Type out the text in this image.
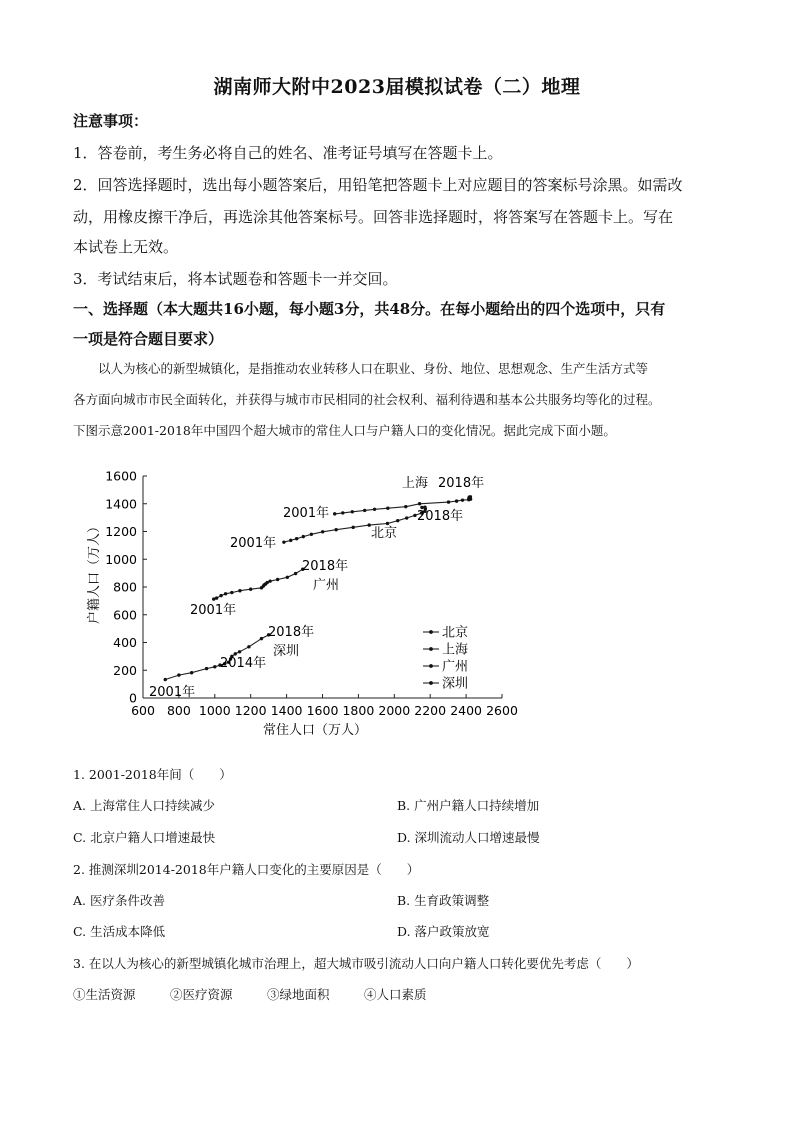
湖南师大附中2023届模拟试卷（二）地理
注意事项：
1．答卷前，考生务必将自己的姓名、准考证号填写在答题卡上。
2．回答选择题时，选出每小题答案后，用铅笔把答题卡上对应题目的答案标号涂黑。如需改
动，用橡皮擦干净后，再选涂其他答案标号。回答非选择题时，将答案写在答题卡上。写在
本试卷上无效。
3．考试结束后，将本试题卷和答题卡一并交回。
一、选择题（本大题共16小题，每小题3分，共48分。在每小题给出的四个选项中，只有
一项是符合题目要求）
以人为核心的新型城镇化，是指推动农业转移人口在职业、身份、地位、思想观念、生产生活方式等
各方面向城市市民全面转化，并获得与城市市民相同的社会权利、福利待遇和基本公共服务均等化的过程。
下图示意2001-2018年中国四个超大城市的常住人口与户籍人口的变化情况。据此完成下面小题。
600 800 1000 1200 1400 1600 1800 2000 2200 2400 2600
0
200
400
600
800
1000
1200
1400
1600
2001年
北京
2001年
上海 2018年
2018年
2001年
2018年
广州
2001年
2018年
深圳
2014年
北京
上海
广州
深圳
户籍人口（万人）
常住人口（万人）
1. 2001-2018年间（　　）
A. 上海常住人口持续减少	B. 广州户籍人口持续增加
C. 北京户籍人口增速最快	D. 深圳流动人口增速最慢
2. 推测深圳2014-2018年户籍人口变化的主要原因是（　　）
A. 医疗条件改善	B. 生育政策调整
C. 生活成本降低	D. 落户政策放宽
3. 在以人为核心的新型城镇化城市治理上，超大城市吸引流动人口向户籍人口转化要优先考虑（　　）
①生活资源	②医疗资源	③绿地面积	④人口素质
